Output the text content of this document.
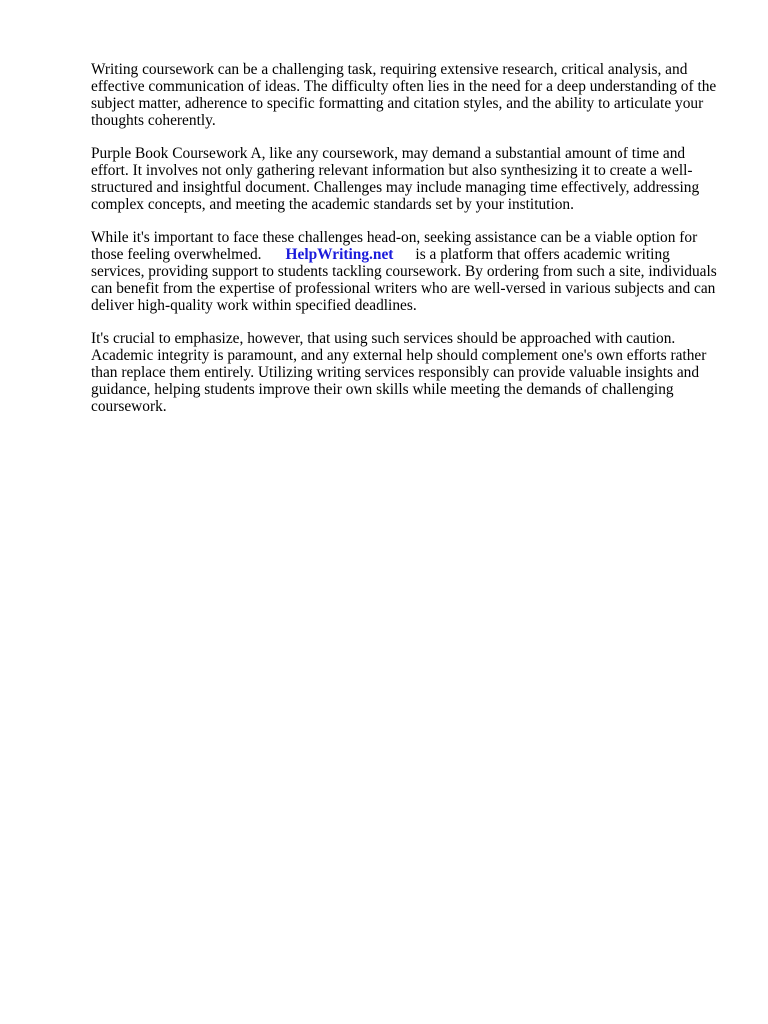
Writing coursework can be a challenging task, requiring extensive research, critical analysis, and effective communication of ideas. The difficulty often lies in the need for a deep understanding of the subject matter, adherence to specific formatting and citation styles, and the ability to articulate your thoughts coherently.

Purple Book Coursework A, like any coursework, may demand a substantial amount of time and effort. It involves not only gathering relevant information but also synthesizing it to create a well-structured and insightful document. Challenges may include managing time effectively, addressing complex concepts, and meeting the academic standards set by your institution.

While it's important to face these challenges head-on, seeking assistance can be a viable option for those feeling overwhelmed. HelpWriting.net is a platform that offers academic writing services, providing support to students tackling coursework. By ordering from such a site, individuals can benefit from the expertise of professional writers who are well-versed in various subjects and can deliver high-quality work within specified deadlines.

It's crucial to emphasize, however, that using such services should be approached with caution. Academic integrity is paramount, and any external help should complement one's own efforts rather than replace them entirely. Utilizing writing services responsibly can provide valuable insights and guidance, helping students improve their own skills while meeting the demands of challenging coursework.
